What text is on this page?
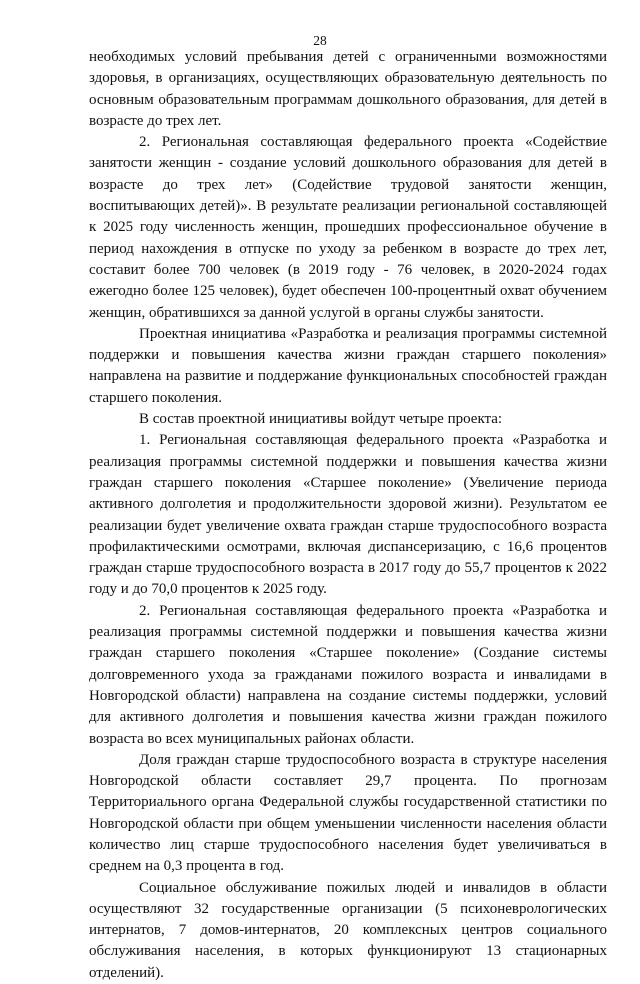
28

необходимых условий пребывания детей с ограниченными возможностями здоровья, в организациях, осуществляющих образовательную деятельность по основным образовательным программам дошкольного образования, для детей в возрасте до трех лет.

2. Региональная составляющая федерального проекта «Содействие занятости женщин - создание условий дошкольного образования для детей в возрасте до трех лет» (Содействие трудовой занятости женщин, воспитывающих детей)». В результате реализации региональной составляющей к 2025 году численность женщин, прошедших профессиональное обучение в период нахождения в отпуске по уходу за ребенком в возрасте до трех лет, составит более 700 человек (в 2019 году - 76 человек, в 2020-2024 годах ежегодно более 125 человек), будет обеспечен 100-процентный охват обучением женщин, обратившихся за данной услугой в органы службы занятости.

Проектная инициатива «Разработка и реализация программы системной поддержки и повышения качества жизни граждан старшего поколения» направлена на развитие и поддержание функциональных способностей граждан старшего поколения.

В состав проектной инициативы войдут четыре проекта:

1. Региональная составляющая федерального проекта «Разработка и реализация программы системной поддержки и повышения качества жизни граждан старшего поколения «Старшее поколение» (Увеличение периода активного долголетия и продолжительности здоровой жизни). Результатом ее реализации будет увеличение охвата граждан старше трудоспособного возраста профилактическими осмотрами, включая диспансеризацию, с 16,6 процентов граждан старше трудоспособного возраста в 2017 году до 55,7 процентов к 2022 году и до 70,0 процентов к 2025 году.

2. Региональная составляющая федерального проекта «Разработка и реализация программы системной поддержки и повышения качества жизни граждан старшего поколения «Старшее поколение» (Создание системы долговременного ухода за гражданами пожилого возраста и инвалидами в Новгородской области) направлена на создание системы поддержки, условий для активного долголетия и повышения качества жизни граждан пожилого возраста во всех муниципальных районах области.

Доля граждан старше трудоспособного возраста в структуре населения Новгородской области составляет 29,7 процента. По прогнозам Территориального органа Федеральной службы государственной статистики по Новгородской области при общем уменьшении численности населения области количество лиц старше трудоспособного населения будет увеличиваться в среднем на 0,3 процента в год.

Социальное обслуживание пожилых людей и инвалидов в области осуществляют 32 государственные организации (5 психоневрологических интернатов, 7 домов-интернатов, 20 комплексных центров социального обслуживания населения, в которых функционируют 13 стационарных отделений).
